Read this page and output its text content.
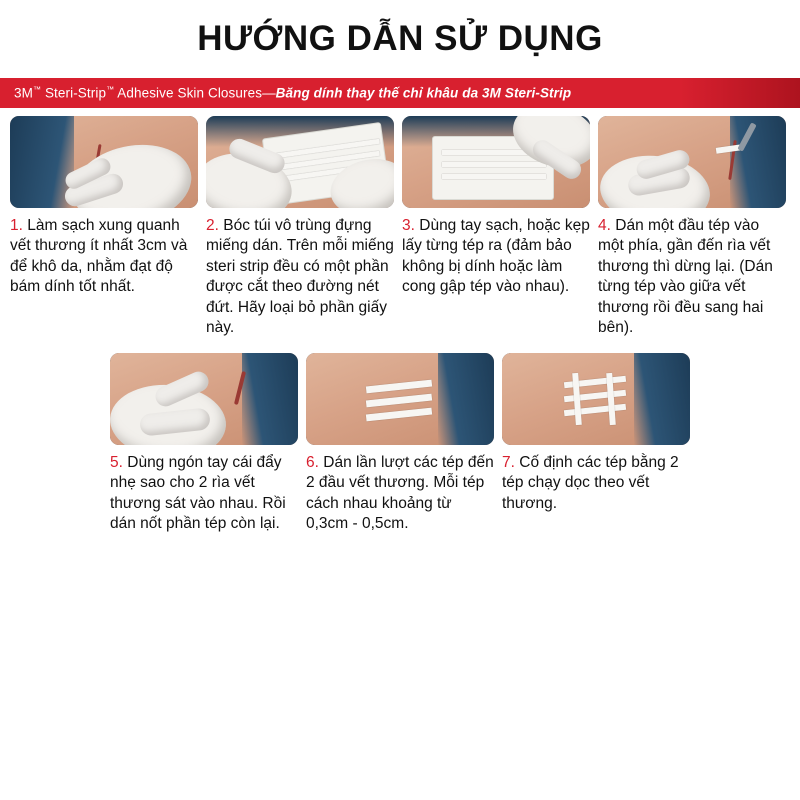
HƯỚNG DẪN SỬ DỤNG
3M™ Steri-Strip™ Adhesive Skin Closures—Băng dính thay thế chỉ khâu da 3M Steri-Strip
1. Làm sạch xung quanh vết thương ít nhất 3cm và để khô da, nhằm đạt độ bám dính tốt nhất.
2. Bóc túi vô trùng đựng miếng dán. Trên mỗi miếng steri strip đều có một phần được cắt theo đường nét đứt. Hãy loại bỏ phần giấy này.
3. Dùng tay sạch, hoặc kẹp lấy từng tép ra (đảm bảo không bị dính hoặc làm cong gập tép vào nhau).
4. Dán một đầu tép vào một phía, gần đến rìa vết thương thì dừng lại. (Dán từng tép vào giữa vết thương rồi đều sang hai bên).
5. Dùng ngón tay cái đẩy nhẹ sao cho 2 rìa vết thương sát vào nhau. Rồi dán nốt phần tép còn lại.
6. Dán lần lượt các tép đến 2 đầu vết thương. Mỗi tép cách nhau khoảng từ 0,3cm - 0,5cm.
7. Cố định các tép bằng 2 tép chạy dọc theo vết thương.
